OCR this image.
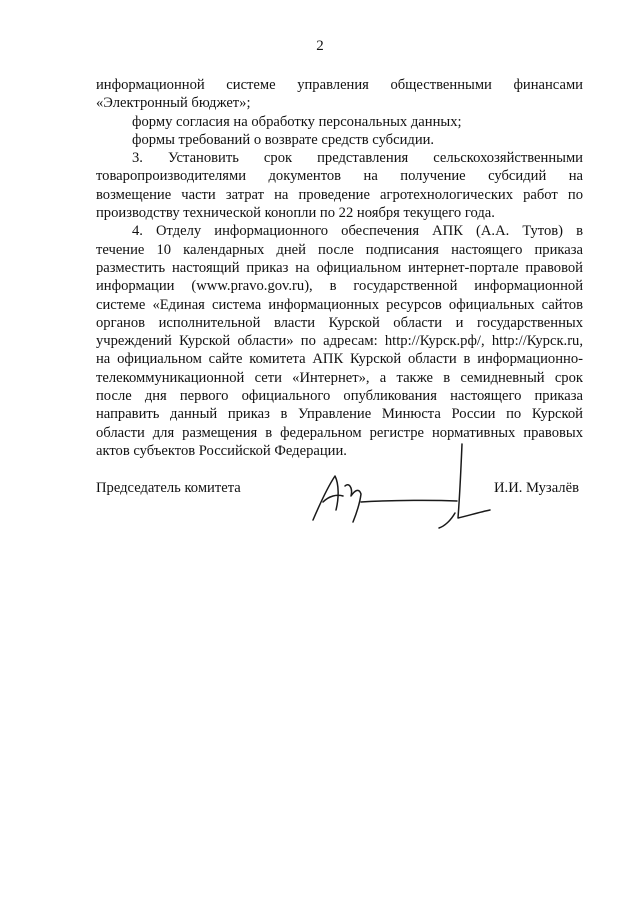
2
информационной системе управления общественными финансами
«Электронный бюджет»;
форму согласия на обработку персональных данных;
формы требований о возврате средств субсидии.
3. Установить срок представления сельскохозяйственными
товаропроизводителями документов на получение субсидий на
возмещение части затрат на проведение агротехнологических работ по
производству технической конопли по 22 ноября текущего года.
4. Отделу информационного обеспечения АПК (А.А. Тутов) в
течение 10 календарных дней после подписания настоящего приказа
разместить настоящий приказ на официальном интернет-портале правовой
информации (www.pravo.gov.ru), в государственной информационной
системе «Единая система информационных ресурсов официальных сайтов
органов исполнительной власти Курской области и государственных
учреждений Курской области» по адресам: http://Курск.рф/, http://Курск.ru,
на официальном сайте комитета АПК Курской области в информационно-
телекоммуникационной сети «Интернет», а также в семидневный срок
после дня первого официального опубликования настоящего приказа
направить данный приказ в Управление Минюста России по Курской
области для размещения в федеральном регистре нормативных правовых
актов субъектов Российской Федерации.
Председатель комитета	И.И. Музалёв
